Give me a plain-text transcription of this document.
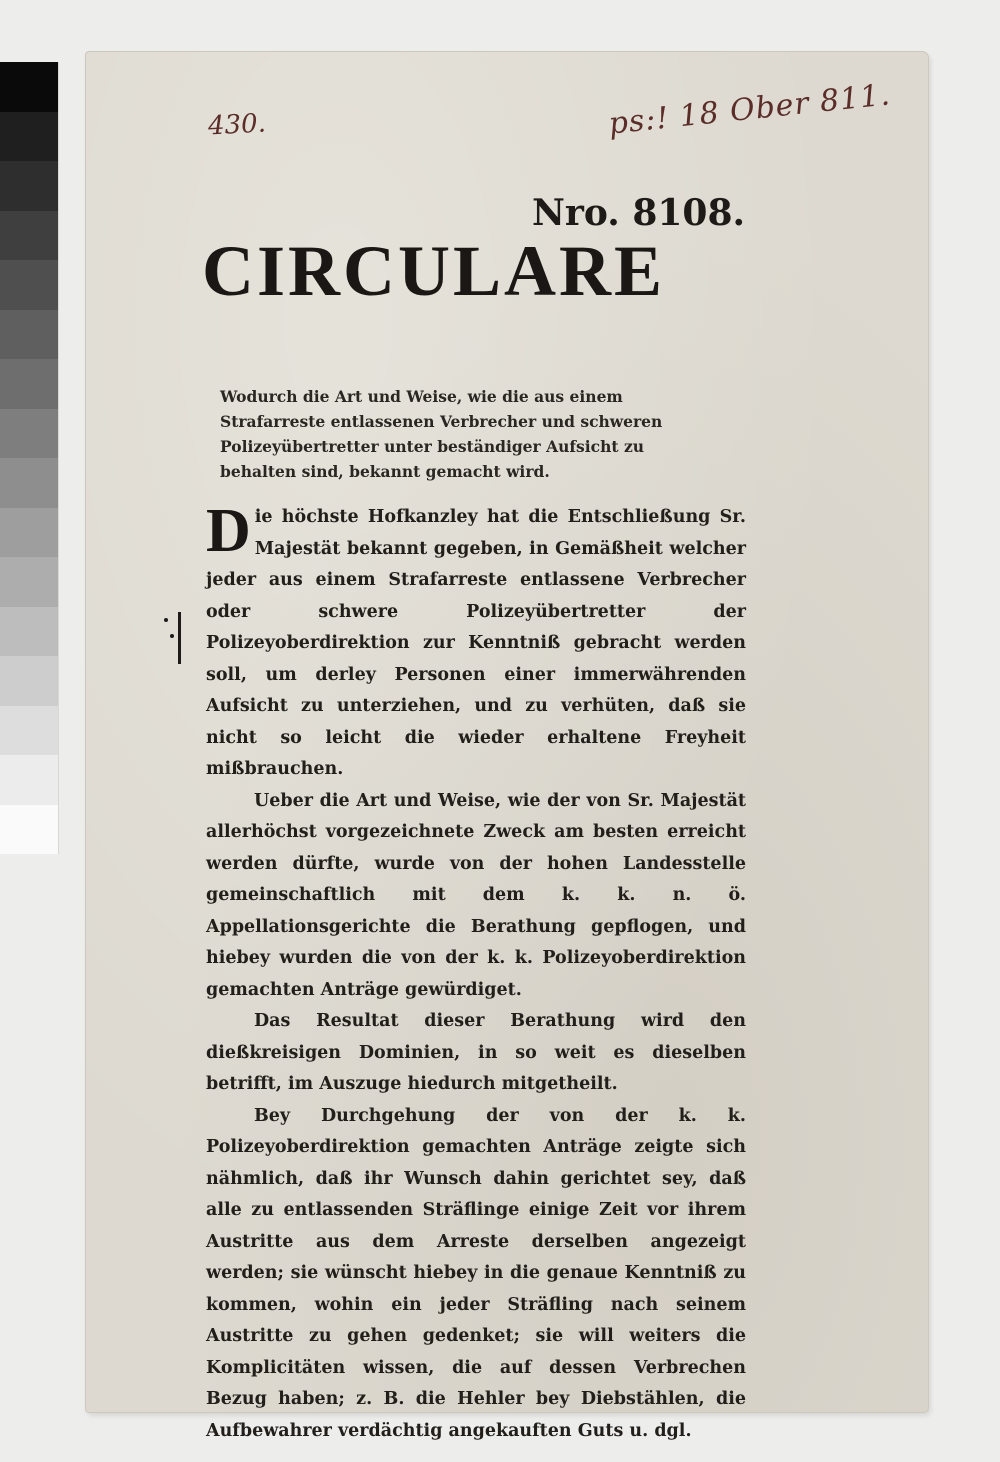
430.	ps:! 18 Ober 811.
Nro. 8108.
CIRCULARE
Wodurch die Art und Weise, wie die aus einem Strafarreste entlassenen Verbrecher und schweren Polizeyübertretter unter beständiger Aufsicht zu behalten sind, bekannt gemacht wird.

Die höchste Hofkanzley hat die Entschließung Sr. Majestät bekannt gegeben, in Gemäßheit welcher jeder aus einem Strafarreste entlassene Verbrecher oder schwere Polizeyübertretter der Polizeyoberdirektion zur Kenntniß gebracht werden soll, um derley Personen einer immerwährenden Aufsicht zu unterziehen, und zu verhüten, daß sie nicht so leicht die wieder erhaltene Freyheit mißbrauchen.

Ueber die Art und Weise, wie der von Sr. Majestät allerhöchst vorgezeichnete Zweck am besten erreicht werden dürfte, wurde von der hohen Landesstelle gemeinschaftlich mit dem k. k. n. ö. Appellationsgerichte die Berathung gepflogen, und hiebey wurden die von der k. k. Polizeyoberdirektion gemachten Anträge gewürdiget.

Das Resultat dieser Berathung wird den dießkreisigen Dominien, in so weit es dieselben betrifft, im Auszuge hiedurch mitgetheilt.

Bey Durchgehung der von der k. k. Polizeyoberdirektion gemachten Anträge zeigte sich nähmlich, daß ihr Wunsch dahin gerichtet sey, daß alle zu entlassenden Sträflinge einige Zeit vor ihrem Austritte aus dem Arreste derselben angezeigt werden; sie wünscht hiebey in die genaue Kenntniß zu kommen, wohin ein jeder Sträfling nach seinem Austritte zu gehen gedenket; sie will weiters die Komplicitäten wissen, die auf dessen Verbrechen Bezug haben; z. B. die Hehler bey Diebstählen, die Aufbewahrer verdächtig angekauften Guts u. dgl.
